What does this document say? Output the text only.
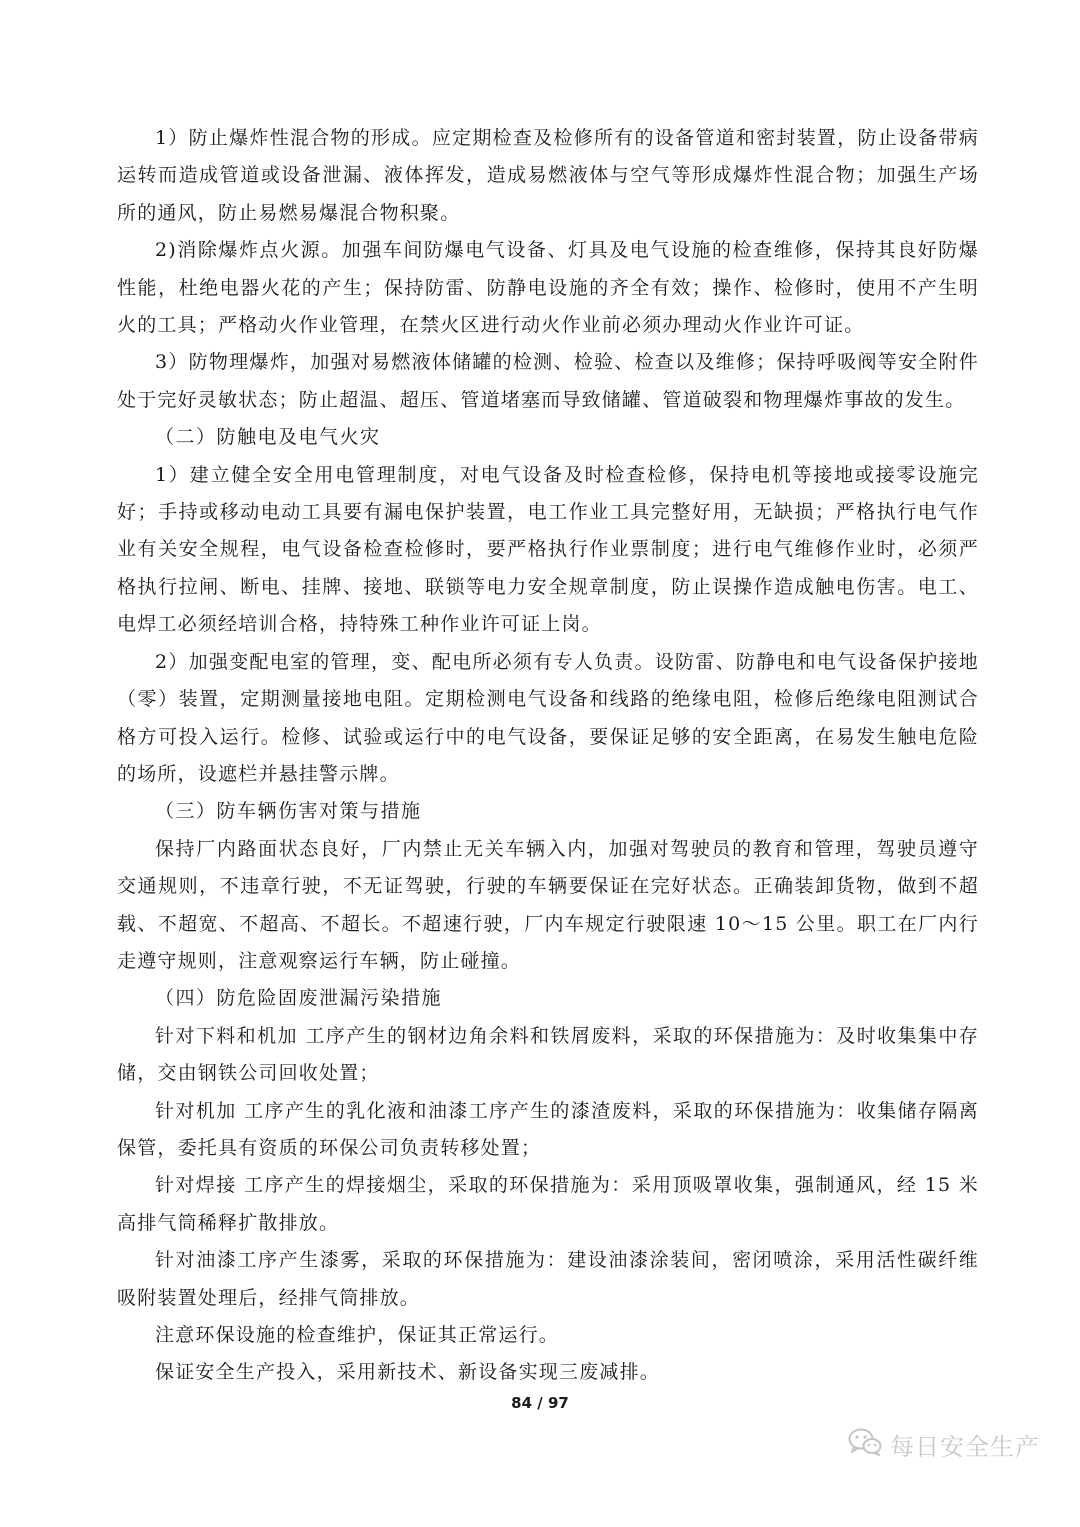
1）防止爆炸性混合物的形成。应定期检查及检修所有的设备管道和密封装置，防止设备带病运转而造成管道或设备泄漏、液体挥发，造成易燃液体与空气等形成爆炸性混合物；加强生产场所的通风，防止易燃易爆混合物积聚。

2)消除爆炸点火源。加强车间防爆电气设备、灯具及电气设施的检查维修，保持其良好防爆性能，杜绝电器火花的产生；保持防雷、防静电设施的齐全有效；操作、检修时，使用不产生明火的工具；严格动火作业管理，在禁火区进行动火作业前必须办理动火作业许可证。

3）防物理爆炸，加强对易燃液体储罐的检测、检验、检查以及维修；保持呼吸阀等安全附件处于完好灵敏状态；防止超温、超压、管道堵塞而导致储罐、管道破裂和物理爆炸事故的发生。

（二）防触电及电气火灾

1）建立健全安全用电管理制度，对电气设备及时检查检修，保持电机等接地或接零设施完好；手持或移动电动工具要有漏电保护装置，电工作业工具完整好用，无缺损；严格执行电气作业有关安全规程，电气设备检查检修时，要严格执行作业票制度；进行电气维修作业时，必须严格执行拉闸、断电、挂牌、接地、联锁等电力安全规章制度，防止误操作造成触电伤害。电工、电焊工必须经培训合格，持特殊工种作业许可证上岗。

2）加强变配电室的管理，变、配电所必须有专人负责。设防雷、防静电和电气设备保护接地（零）装置，定期测量接地电阻。定期检测电气设备和线路的绝缘电阻，检修后绝缘电阻测试合格方可投入运行。检修、试验或运行中的电气设备，要保证足够的安全距离，在易发生触电危险的场所，设遮栏并悬挂警示牌。

（三）防车辆伤害对策与措施

保持厂内路面状态良好，厂内禁止无关车辆入内，加强对驾驶员的教育和管理，驾驶员遵守交通规则，不违章行驶，不无证驾驶，行驶的车辆要保证在完好状态。正确装卸货物，做到不超载、不超宽、不超高、不超长。不超速行驶，厂内车规定行驶限速 10～15 公里。职工在厂内行走遵守规则，注意观察运行车辆，防止碰撞。

（四）防危险固废泄漏污染措施

针对下料和机加 工序产生的钢材边角余料和铁屑废料，采取的环保措施为：及时收集集中存储，交由钢铁公司回收处置；

针对机加 工序产生的乳化液和油漆工序产生的漆渣废料，采取的环保措施为：收集储存隔离保管，委托具有资质的环保公司负责转移处置；

针对焊接 工序产生的焊接烟尘，采取的环保措施为：采用顶吸罩收集，强制通风，经 15 米高排气筒稀释扩散排放。

针对油漆工序产生漆雾，采取的环保措施为：建设油漆涂装间，密闭喷涂，采用活性碳纤维吸附装置处理后，经排气筒排放。

注意环保设施的检查维护，保证其正常运行。

保证安全生产投入，采用新技术、新设备实现三废减排。

84 / 97
每日安全生产
